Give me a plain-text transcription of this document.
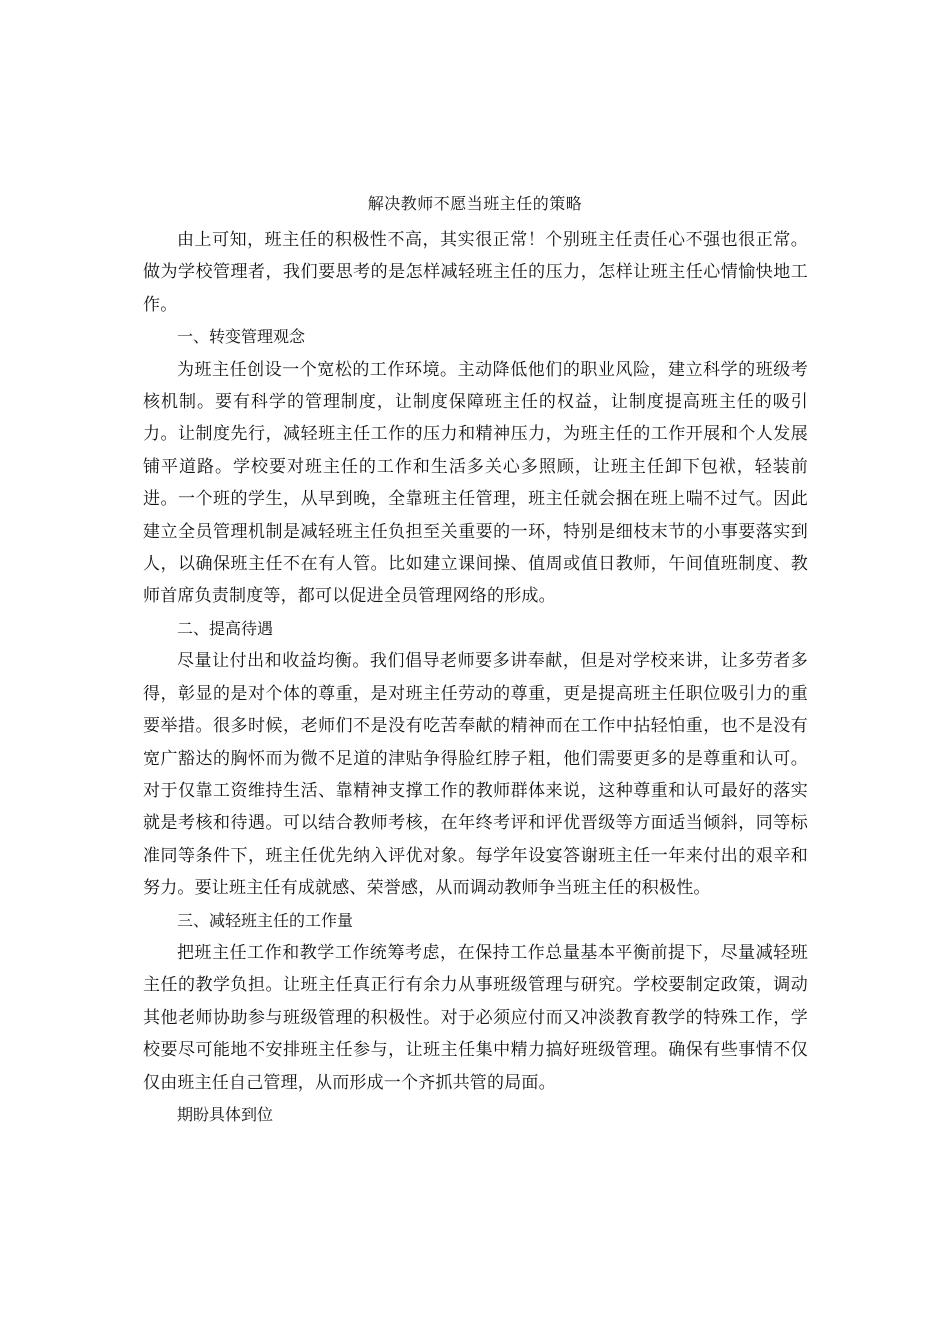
解决教师不愿当班主任的策略

由上可知，班主任的积极性不高，其实很正常！个别班主任责任心不强也很正常。做为学校管理者，我们要思考的是怎样减轻班主任的压力，怎样让班主任心情愉快地工作。

一、转变管理观念

为班主任创设一个宽松的工作环境。主动降低他们的职业风险，建立科学的班级考核机制。要有科学的管理制度，让制度保障班主任的权益，让制度提高班主任的吸引力。让制度先行，减轻班主任工作的压力和精神压力，为班主任的工作开展和个人发展铺平道路。学校要对班主任的工作和生活多关心多照顾，让班主任卸下包袱，轻装前进。一个班的学生，从早到晚，全靠班主任管理，班主任就会捆在班上喘不过气。因此建立全员管理机制是减轻班主任负担至关重要的一环，特别是细枝末节的小事要落实到人，以确保班主任不在有人管。比如建立课间操、值周或值日教师，午间值班制度、教师首席负责制度等，都可以促进全员管理网络的形成。

二、提高待遇

尽量让付出和收益均衡。我们倡导老师要多讲奉献，但是对学校来讲，让多劳者多得，彰显的是对个体的尊重，是对班主任劳动的尊重，更是提高班主任职位吸引力的重要举措。很多时候，老师们不是没有吃苦奉献的精神而在工作中拈轻怕重，也不是没有宽广豁达的胸怀而为微不足道的津贴争得脸红脖子粗，他们需要更多的是尊重和认可。对于仅靠工资维持生活、靠精神支撑工作的教师群体来说，这种尊重和认可最好的落实就是考核和待遇。可以结合教师考核，在年终考评和评优晋级等方面适当倾斜，同等标准同等条件下，班主任优先纳入评优对象。每学年设宴答谢班主任一年来付出的艰辛和努力。要让班主任有成就感、荣誉感，从而调动教师争当班主任的积极性。

三、减轻班主任的工作量

把班主任工作和教学工作统筹考虑，在保持工作总量基本平衡前提下，尽量减轻班主任的教学负担。让班主任真正行有余力从事班级管理与研究。学校要制定政策，调动其他老师协助参与班级管理的积极性。对于必须应付而又冲淡教育教学的特殊工作，学校要尽可能地不安排班主任参与，让班主任集中精力搞好班级管理。确保有些事情不仅仅由班主任自己管理，从而形成一个齐抓共管的局面。

期盼具体到位
